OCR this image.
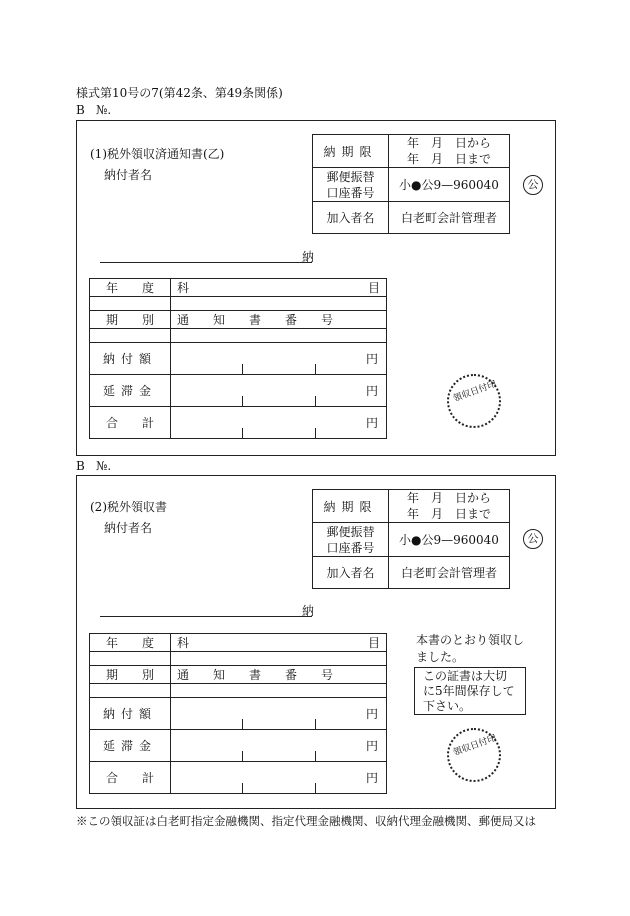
様式第10号の7(第42条、第49条関係)
B №.
(1)税外領収済通知書(乙)
納付者名
納期限	年　月　日から
年　月　日まで

郵便振替
口座番号	小●公9—960040
加入者名	白老町会計管理者
公
納
年　　度	科 目

期　　別	通　　知　　書　　番　　号

納付額	円
延滞金	円
合　　計	円
領収日付印
B №.
(2)税外領収書
納付者名
納期限	年　月　日から
年　月　日まで

郵便振替
口座番号	小●公9—960040
加入者名	白老町会計管理者
公
納
年　　度	科 目

期　　別	通　　知　　書　　番　　号

納付額	円
延滞金	円
合　　計	円
本書のとおり領収しました。
この証書は大切に5年間保存して下さい。
領収日付印
※この領収証は白老町指定金融機関、指定代理金融機関、収納代理金融機関、郵便局又は
